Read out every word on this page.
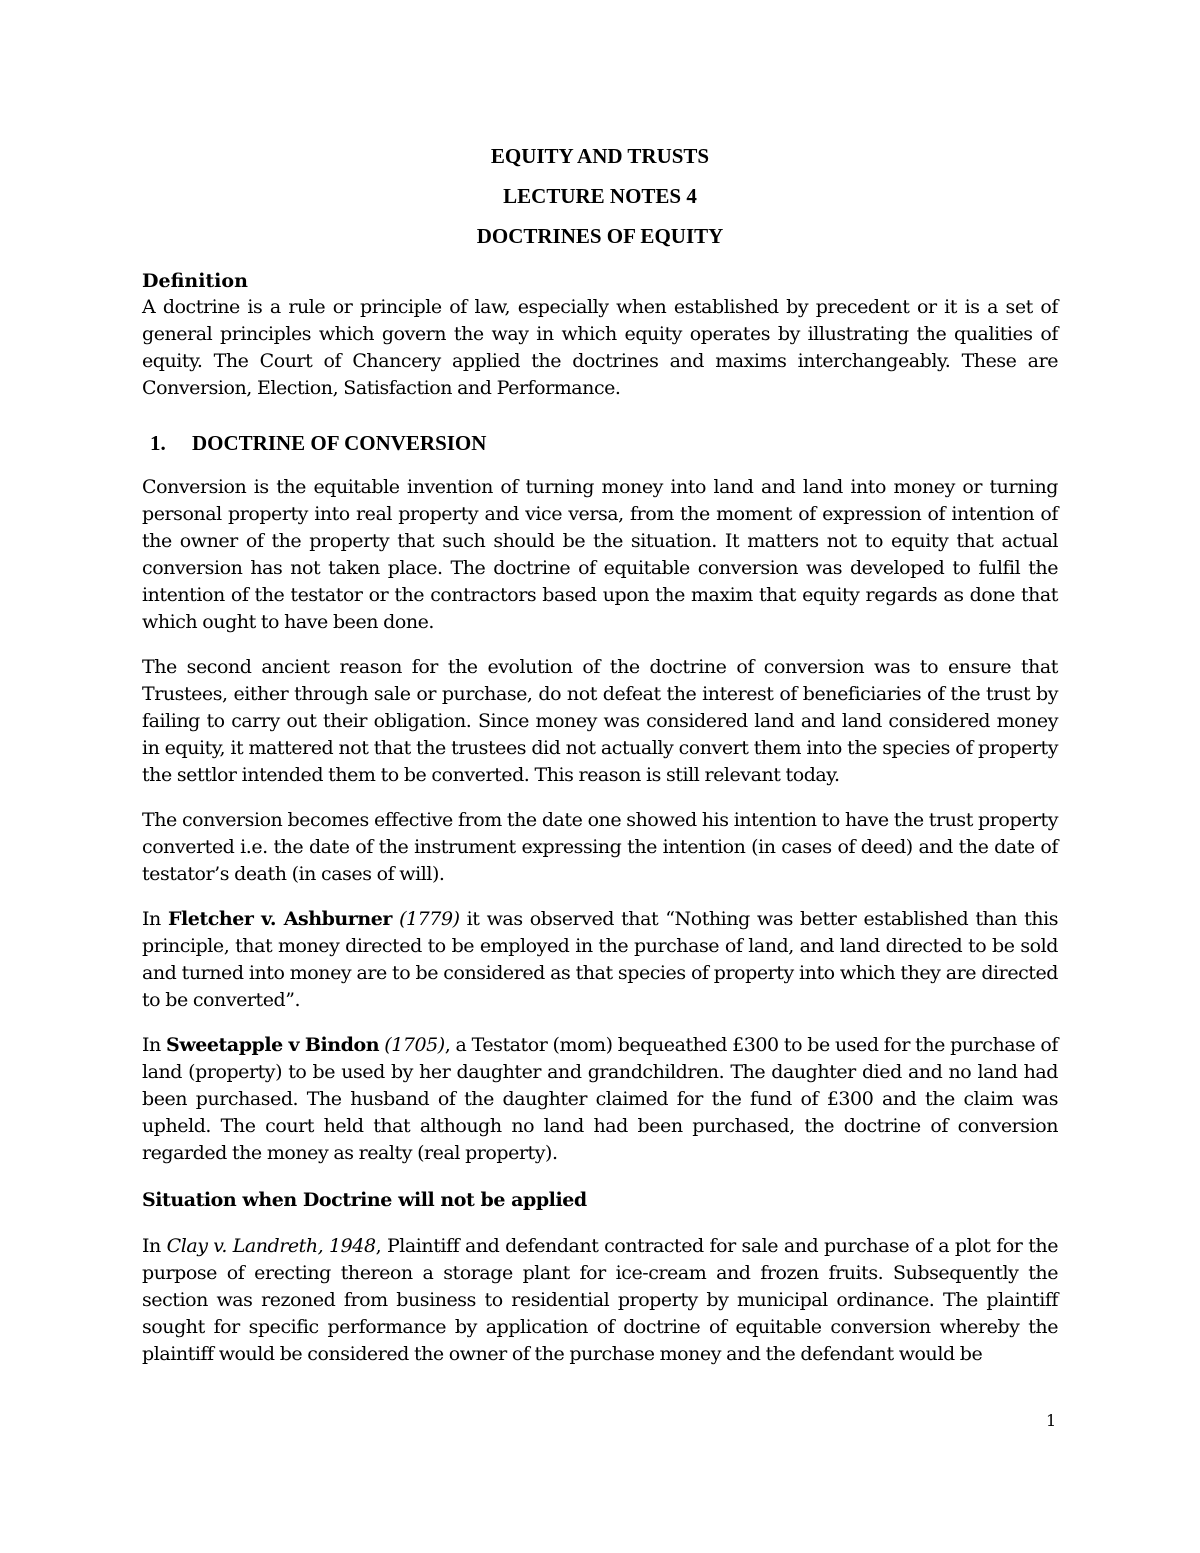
EQUITY AND TRUSTS
LECTURE NOTES 4
DOCTRINES OF EQUITY
Definition

A doctrine is a rule or principle of law, especially when established by precedent or it is a set of general principles which govern the way in which equity operates by illustrating the qualities of equity. The Court of Chancery applied the doctrines and maxims interchangeably. These are Conversion, Election, Satisfaction and Performance.

1.	DOCTRINE OF CONVERSION

Conversion is the equitable invention of turning money into land and land into money or turning personal property into real property and vice versa, from the moment of expression of intention of the owner of the property that such should be the situation. It matters not to equity that actual conversion has not taken place. The doctrine of equitable conversion was developed to fulfil the intention of the testator or the contractors based upon the maxim that equity regards as done that which ought to have been done.

The second ancient reason for the evolution of the doctrine of conversion was to ensure that Trustees, either through sale or purchase, do not defeat the interest of beneficiaries of the trust by failing to carry out their obligation. Since money was considered land and land considered money in equity, it mattered not that the trustees did not actually convert them into the species of property the settlor intended them to be converted. This reason is still relevant today.

The conversion becomes effective from the date one showed his intention to have the trust property converted i.e. the date of the instrument expressing the intention (in cases of deed) and the date of testator’s death (in cases of will).

In Fletcher v. Ashburner (1779) it was observed that “Nothing was better established than this principle, that money directed to be employed in the purchase of land, and land directed to be sold and turned into money are to be considered as that species of property into which they are directed to be converted”.

In Sweetapple v Bindon (1705), a Testator (mom) bequeathed £300 to be used for the purchase of land (property) to be used by her daughter and grandchildren. The daughter died and no land had been purchased. The husband of the daughter claimed for the fund of £300 and the claim was upheld. The court held that although no land had been purchased, the doctrine of conversion regarded the money as realty (real property).

Situation when Doctrine will not be applied

In Clay v. Landreth, 1948, Plaintiff and defendant contracted for sale and purchase of a plot for the purpose of erecting thereon a storage plant for ice-cream and frozen fruits. Subsequently the section was rezoned from business to residential property by municipal ordinance. The plaintiff sought for specific performance by application of doctrine of equitable conversion whereby the plaintiff would be considered the owner of the purchase money and the defendant would be

1
